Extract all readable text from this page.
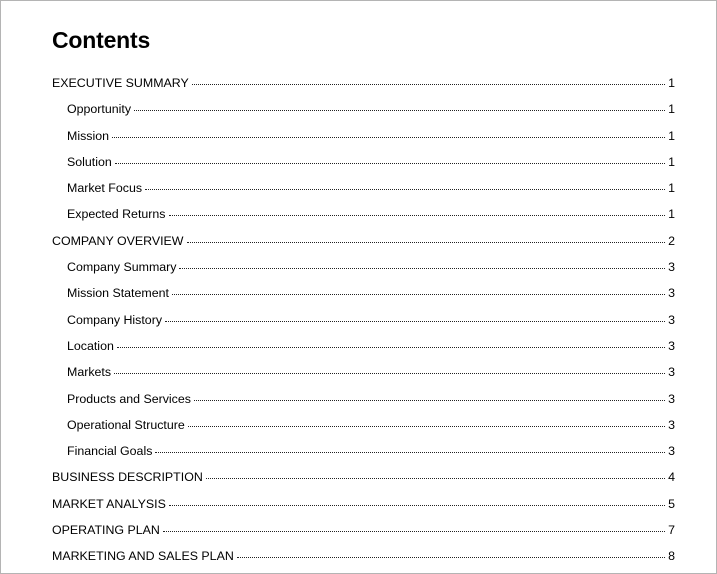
Contents
EXECUTIVE SUMMARY	1
Opportunity	1
Mission	1
Solution	1
Market Focus	1
Expected Returns	1
COMPANY OVERVIEW	2
Company Summary	3
Mission Statement	3
Company History	3
Location	3
Markets	3
Products and Services	3
Operational Structure	3
Financial Goals	3
BUSINESS DESCRIPTION	4
MARKET ANALYSIS	5
OPERATING PLAN	7
MARKETING AND SALES PLAN	8
